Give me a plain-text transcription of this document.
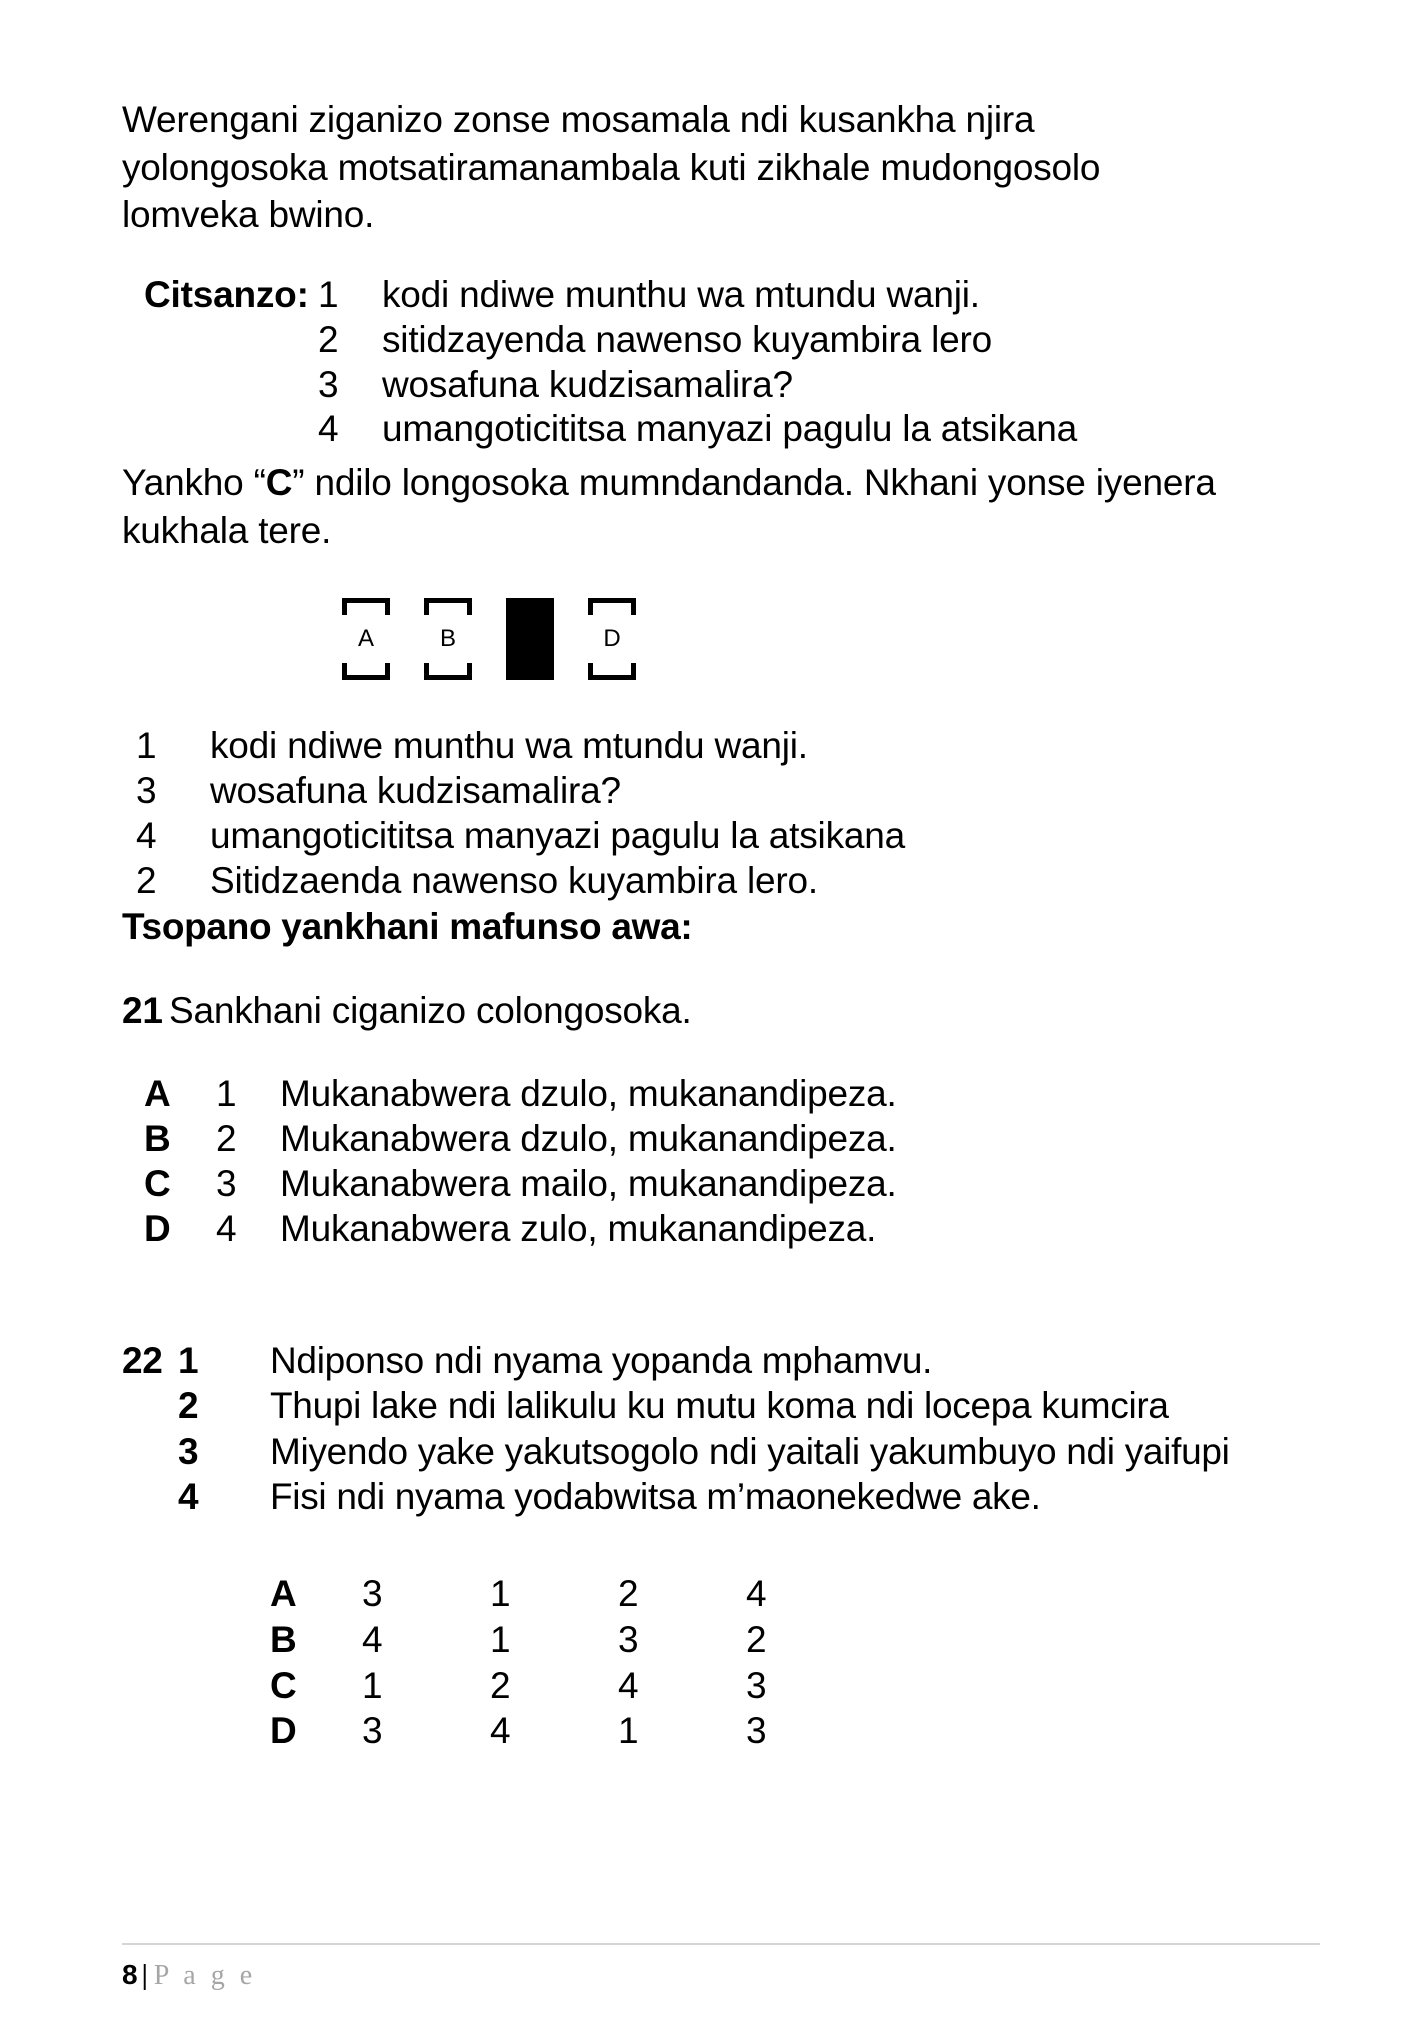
Werengani ziganizo zonse mosamala ndi kusankha njira yolongosoka motsatiramanambala kuti zikhale mudongosolo lomveka bwino.

Citsanzo: 1	kodi ndiwe munthu wa mtundu wanji.
2	sitidzayenda nawenso kuyambira lero
3	wosafuna kudzisamalira?
4	umangoticititsa manyazi pagulu la atsikana

Yankho “C” ndilo longosoka mumndandanda. Nkhani yonse iyenera kukhala tere.

A	B	C	D
1	kodi ndiwe munthu wa mtundu wanji.
3	wosafuna kudzisamalira?
4	umangoticititsa manyazi pagulu la atsikana
2	Sitidzaenda nawenso kuyambira lero.
Tsopano yankhani mafunso awa:
21 Sankhani ciganizo colongosoka.
A	1	Mukanabwera dzulo, mukanandipeza.
B	2	Mukanabwera dzulo, mukanandipeza.
C	3	Mukanabwera mailo, mukanandipeza.
D	4	Mukanabwera zulo, mukanandipeza.
22 1	Ndiponso ndi nyama yopanda mphamvu.
2	Thupi lake ndi lalikulu ku mutu koma ndi locepa kumcira
3	Miyendo yake yakutsogolo ndi yaitali yakumbuyo ndi yaifupi
4	Fisi ndi nyama yodabwitsa m’maonekedwe ake.
A	3	1	2	4
B	4	1	3	2
C	1	2	4	3
D	3	4	1	3
8 | P a g e
